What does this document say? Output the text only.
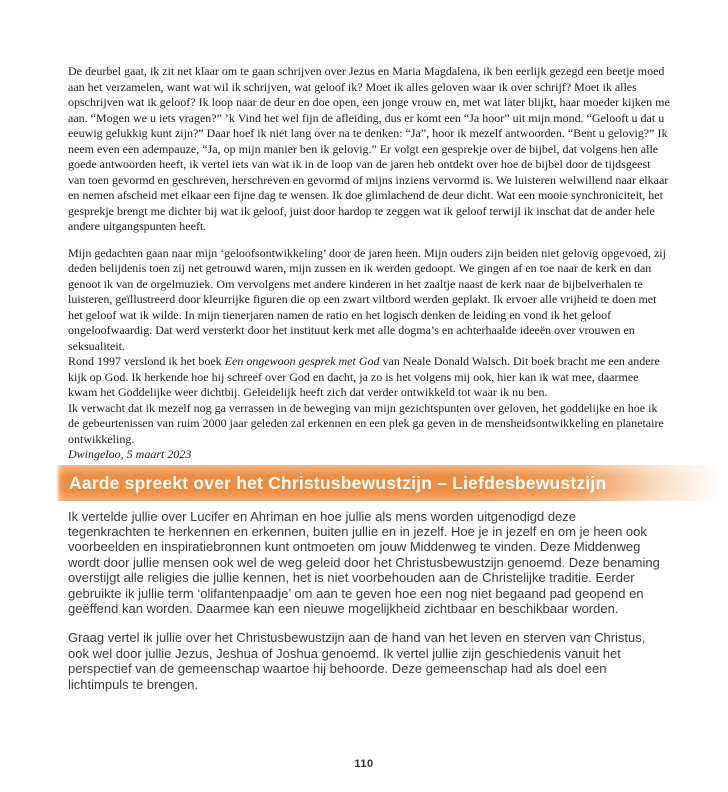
De deurbel gaat, ik zit net klaar om te gaan schrijven over Jezus en Maria Magdalena, ik ben eerlijk gezegd een beetje moed aan het verzamelen, want wat wil ik schrijven, wat geloof ik? Moet ik alles geloven waar ik over schrijf? Moet ik alles opschrijven wat ik geloof? Ik loop naar de deur en doe open, een jonge vrouw en, met wat later blijkt, haar moeder kijken me aan. “Mogen we u iets vragen?” ’k Vind het wel fijn de afleiding, dus er komt een “Ja hoor” uit mijn mond. “Gelooft u dat u eeuwig gelukkig kunt zijn?” Daar hoef ik niet lang over na te denken: “Ja”, hoor ik mezelf antwoorden. “Bent u gelovig?” Ik neem even een adempauze, “Ja, op mijn manier ben ik gelovig.” Er volgt een gesprekje over de bijbel, dat volgens hen alle goede antwoorden heeft, ik vertel iets van wat ik in de loop van de jaren heb ontdekt over hoe de bijbel door de tijdsgeest van toen gevormd en geschreven, herschreven en gevormd of mijns inziens vervormd is. We luisteren welwillend naar elkaar en nemen afscheid met elkaar een fijne dag te wensen. Ik doe glimlachend de deur dicht. Wat een mooie synchroniciteit, het gesprekje brengt me dichter bij wat ik geloof, juist door hardop te zeggen wat ik geloof terwijl ik inschat dat de ander hele andere uitgangspunten heeft.

Mijn gedachten gaan naar mijn ‘geloofsontwikkeling’ door de jaren heen. Mijn ouders zijn beiden niet gelovig opgevoed, zij deden belijdenis toen zij net getrouwd waren, mijn zussen en ik werden gedoopt. We gingen af en toe naar de kerk en dan genoot ik van de orgelmuziek. Om vervolgens met andere kinderen in het zaaltje naast de kerk naar de bijbelverhalen te luisteren, geïllustreerd door kleurrijke figuren die op een zwart viltbord werden geplakt. Ik ervoer alle vrijheid te doen met het geloof wat ik wilde. In mijn tienerjaren namen de ratio en het logisch denken de leiding en vond ik het geloof ongeloofwaardig. Dat werd versterkt door het instituut kerk met alle dogma’s en achterhaalde ideeën over vrouwen en seksualiteit.

Rond 1997 verslond ik het boek Een ongewoon gesprek met God van Neale Donald Walsch. Dit boek bracht me een andere kijk op God. Ik herkende hoe hij schreef over God en dacht, ja zo is het volgens mij ook, hier kan ik wat mee, daarmee kwam het Goddelijke weer dichtbij. Geleidelijk heeft zich dat verder ontwikkeld tot waar ik nu ben.

Ik verwacht dat ik mezelf nog ga verrassen in de beweging van mijn gezichtspunten over geloven, het goddelijke en hoe ik de gebeurtenissen van ruim 2000 jaar geleden zal erkennen en een plek ga geven in de mensheidsontwikkeling en planetaire ontwikkeling.

Dwingeloo, 5 maart 2023

Aarde spreekt over het Christusbewustzijn – Liefdesbewustzijn

Ik vertelde jullie over Lucifer en Ahriman en hoe jullie als mens worden uitgenodigd deze tegenkrachten te herkennen en erkennen, buiten jullie en in jezelf. Hoe je in jezelf en om je heen ook voorbeelden en inspiratiebronnen kunt ontmoeten om jouw Middenweg te vinden. Deze Middenweg wordt door jullie mensen ook wel de weg geleid door het Christusbewustzijn genoemd. Deze benaming overstijgt alle religies die jullie kennen, het is niet voorbehouden aan de Christelijke traditie. Eerder gebruikte ik jullie term ‘olifantenpaadje’ om aan te geven hoe een nog niet begaand pad geopend en geëffend kan worden. Daarmee kan een nieuwe mogelijkheid zichtbaar en beschikbaar worden.

Graag vertel ik jullie over het Christusbewustzijn aan de hand van het leven en sterven van Christus, ook wel door jullie Jezus, Jeshua of Joshua genoemd. Ik vertel jullie zijn geschiedenis vanuit het perspectief van de gemeenschap waartoe hij behoorde. Deze gemeenschap had als doel een lichtimpuls te brengen.

110
